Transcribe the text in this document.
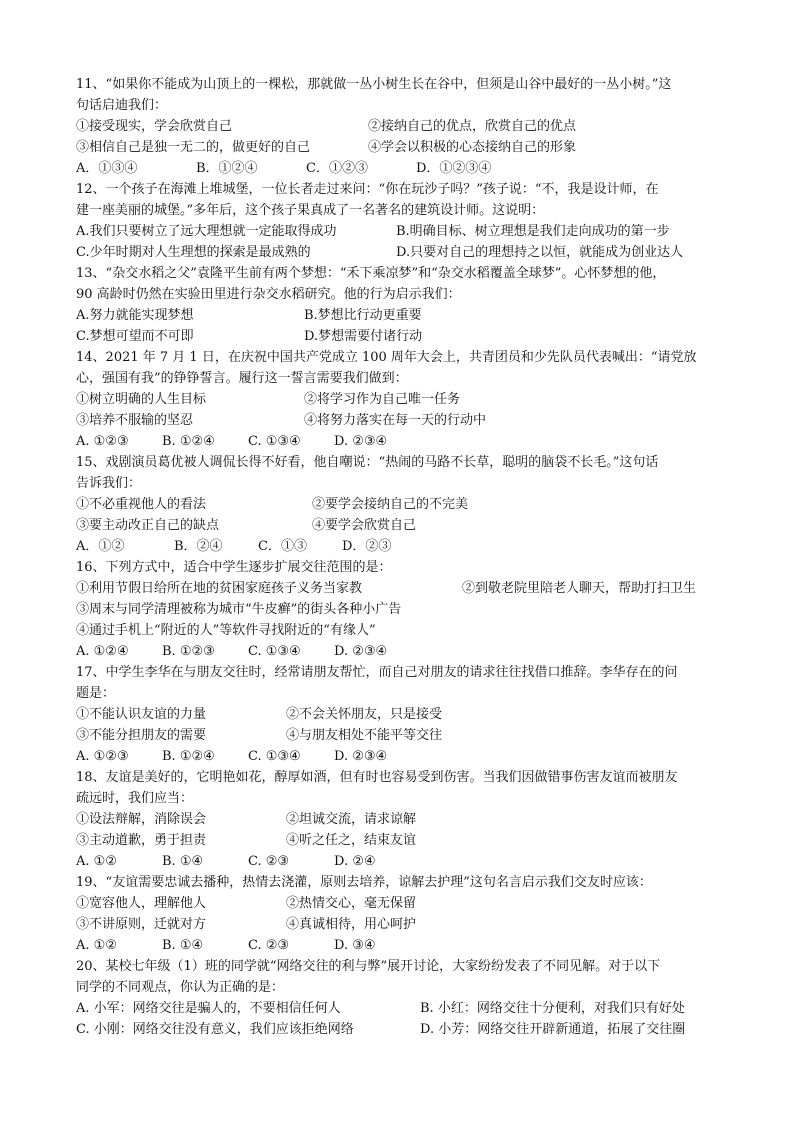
11、“如果你不能成为山顶上的一棵松，那就做一丛小树生长在谷中，但须是山谷中最好的一丛小树。”这
句话启迪我们：
①接受现实，学会欣赏自己	②接纳自己的优点，欣赏自己的优点
③相信自己是独一无二的，做更好的自己	④学会以积极的心态接纳自己的形象
A．①③④	B．①②④	C．①②③	D．①②③④
12、一个孩子在海滩上堆城堡，一位长者走过来问：“你在玩沙子吗？”孩子说：“不，我是设计师，在
建一座美丽的城堡。”多年后，这个孩子果真成了一名著名的建筑设计师。这说明：
A.我们只要树立了远大理想就一定能取得成功	B.明确目标、树立理想是我们走向成功的第一步
C.少年时期对人生理想的探索是最成熟的	D.只要对自己的理想持之以恒，就能成为创业达人
13、“杂交水稻之父”袁隆平生前有两个梦想：“禾下乘凉梦”和“杂交水稻覆盖全球梦”。心怀梦想的他，
90 高龄时仍然在实验田里进行杂交水稻研究。他的行为启示我们：
A.努力就能实现梦想	B.梦想比行动更重要
C.梦想可望而不可即	D.梦想需要付诸行动
14、2021 年 7 月 1 日，在庆祝中国共产党成立 100 周年大会上，共青团员和少先队员代表喊出：“请党放
心，强国有我”的铮铮誓言。履行这一誓言需要我们做到：
①树立明确的人生目标	②将学习作为自己唯一任务
③培养不服输的坚忍	④将努力落实在每一天的行动中
A. ①②③	B. ①②④	C. ①③④	D. ②③④
15、戏剧演员葛优被人调侃长得不好看，他自嘲说：“热闹的马路不长草，聪明的脑袋不长毛。”这句话
告诉我们：
①不必重视他人的看法	②要学会接纳自己的不完美
③要主动改正自己的缺点	④要学会欣赏自己
A．①②	B．②④	C．①③	D．②③
16、下列方式中，适合中学生逐步扩展交往范围的是：
①利用节假日给所在地的贫困家庭孩子义务当家教	②到敬老院里陪老人聊天，帮助打扫卫生
③周末与同学清理被称为城市“牛皮癣”的街头各种小广告
④通过手机上“附近的人”等软件寻找附近的“有缘人”
A. ①②④	B. ①②③	C. ①③④	D. ②③④
17、中学生李华在与朋友交往时，经常请朋友帮忙，而自己对朋友的请求往往找借口推辞。李华存在的问
题是：
①不能认识友谊的力量	②不会关怀朋友，只是接受
③不能分担朋友的需要	④与朋友相处不能平等交往
A. ①②③	B. ①②④	C. ①③④	D. ②③④
18、友谊是美好的，它明艳如花，醇厚如酒，但有时也容易受到伤害。当我们因做错事伤害友谊而被朋友
疏远时，我们应当：
①设法辩解，消除误会	②坦诚交流，请求谅解
③主动道歉，勇于担责	④听之任之，结束友谊
A. ①②	B. ①④	C. ②③	D. ②④
19、“友谊需要忠诚去播种，热情去浇灌，原则去培养，谅解去护理”这句名言启示我们交友时应该：
①宽容他人，理解他人	②热情交心，毫无保留
③不讲原则，迁就对方	④真诚相待，用心呵护
A. ①②	B. ①④	C. ②③	D. ③④
20、某校七年级（1）班的同学就“网络交往的利与弊”展开讨论，大家纷纷发表了不同见解。对于以下
同学的不同观点，你认为正确的是：
A. 小军：网络交往是骗人的，不要相信任何人	B. 小红：网络交往十分便利，对我们只有好处
C. 小刚：网络交往没有意义，我们应该拒绝网络	D. 小芳：网络交往开辟新通道，拓展了交往圈
